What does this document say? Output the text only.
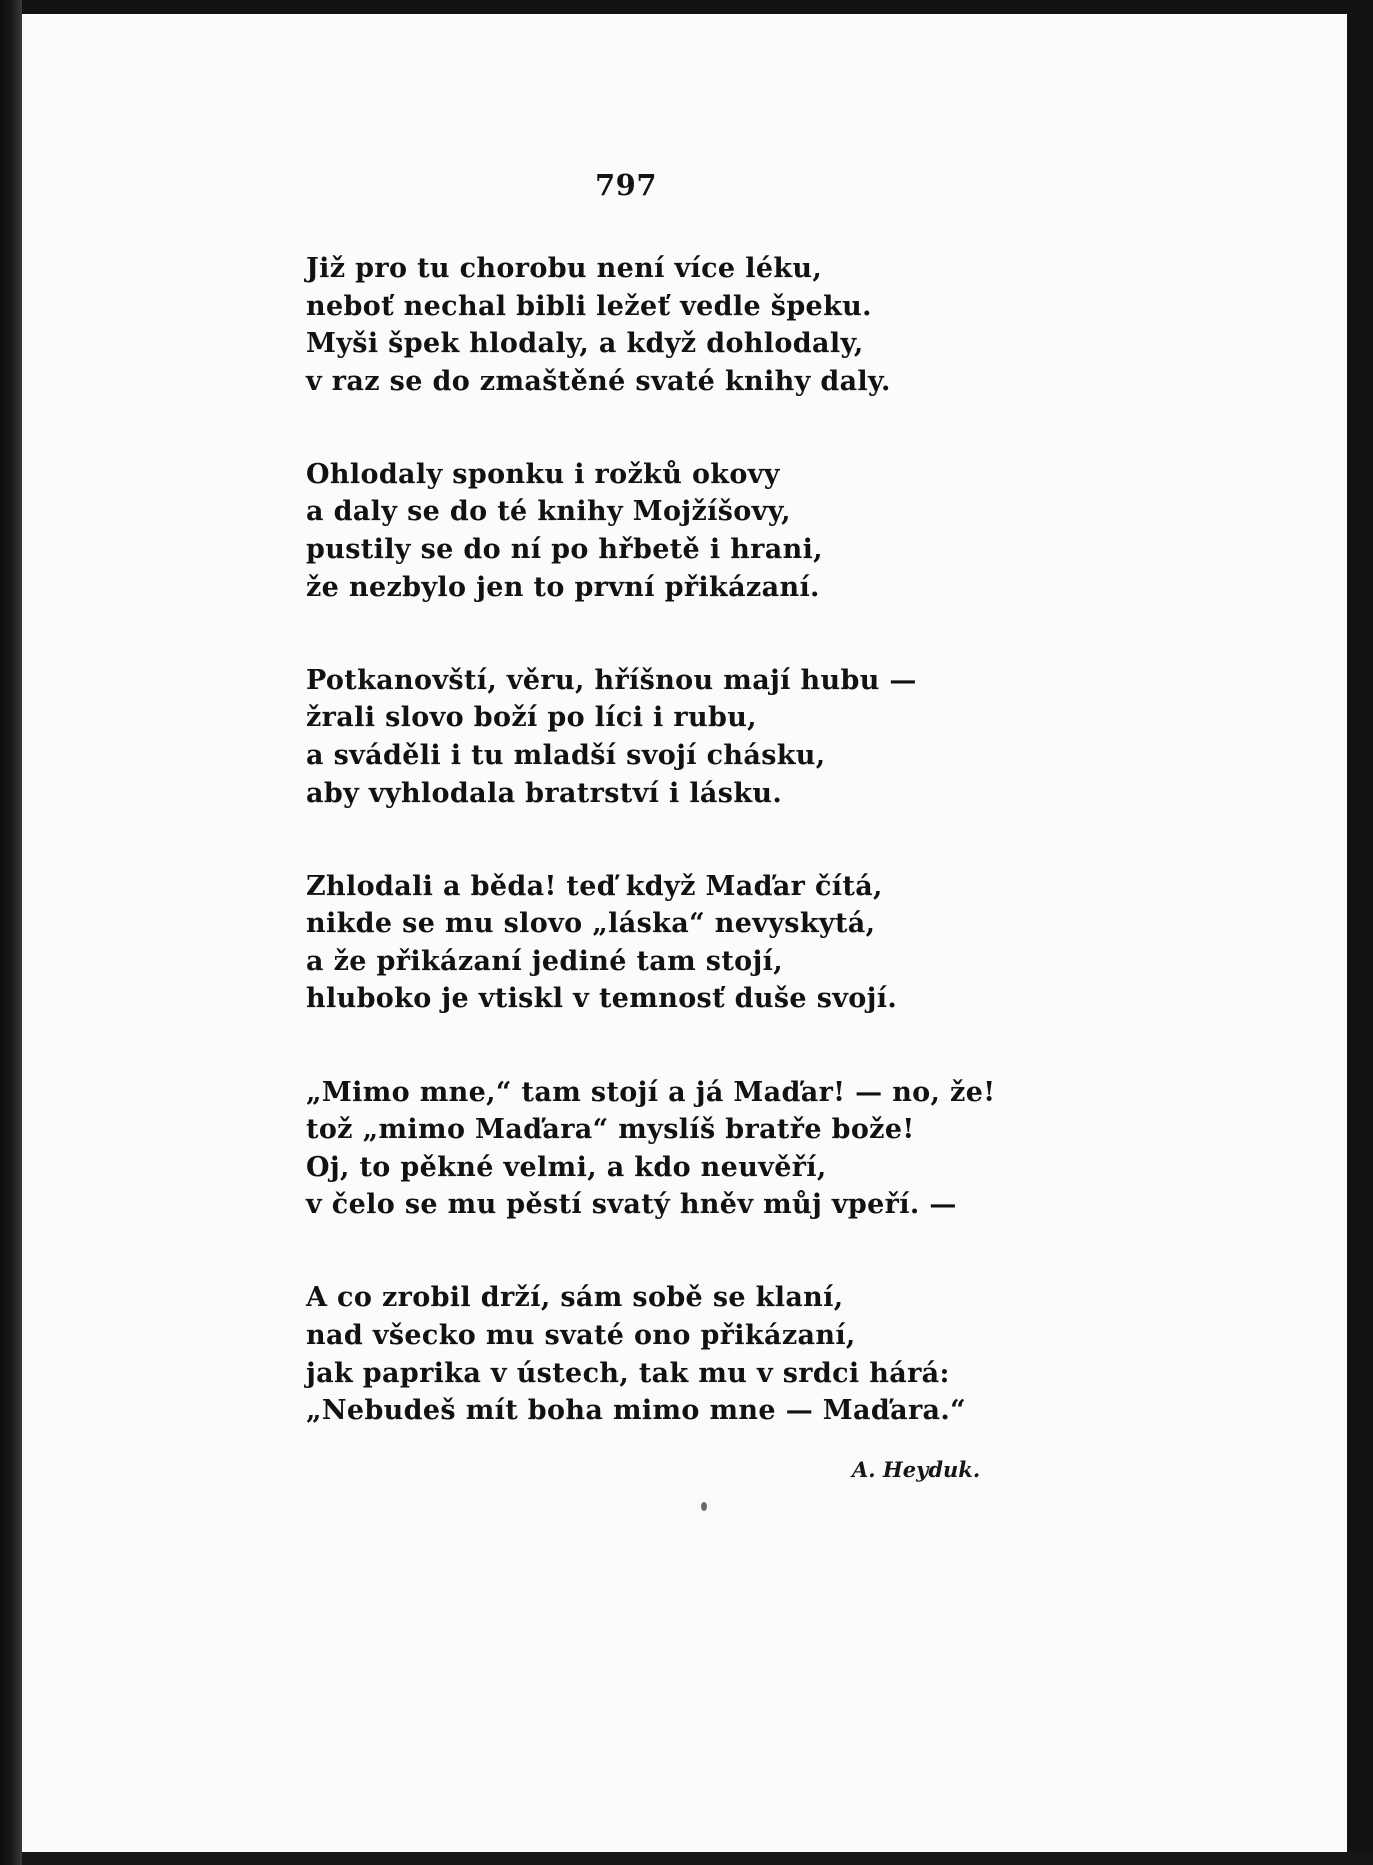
797
Již pro tu chorobu není více léku,
neboť nechal bibli ležeť vedle špeku.
Myši špek hlodaly, a když dohlodaly,
v raz se do zmaštěné svaté knihy daly.
Ohlodaly sponku i rožků okovy
a daly se do té knihy Mojžíšovy,
pustily se do ní po hřbetě i hrani,
že nezbylo jen to první přikázaní.
Potkanovští, věru, hříšnou mají hubu —
žrali slovo boží po líci i rubu,
a sváděli i tu mladší svojí chásku,
aby vyhlodala bratrství i lásku.
Zhlodali a běda! teď když Maďar čítá,
nikde se mu slovo „láska“ nevyskytá,
a že přikázaní jediné tam stojí,
hluboko je vtiskl v temnosť duše svojí.
„Mimo mne,“ tam stojí a já Maďar! — no, že!
tož „mimo Maďara“ myslíš bratře bože!
Oj, to pěkné velmi, a kdo neuvěří,
v čelo se mu pěstí svatý hněv můj vpeří. —
A co zrobil drží, sám sobě se klaní,
nad všecko mu svaté ono přikázaní,
jak paprika v ústech, tak mu v srdci hárá:
„Nebudeš mít boha mimo mne — Maďara.“
A. Heyduk.
